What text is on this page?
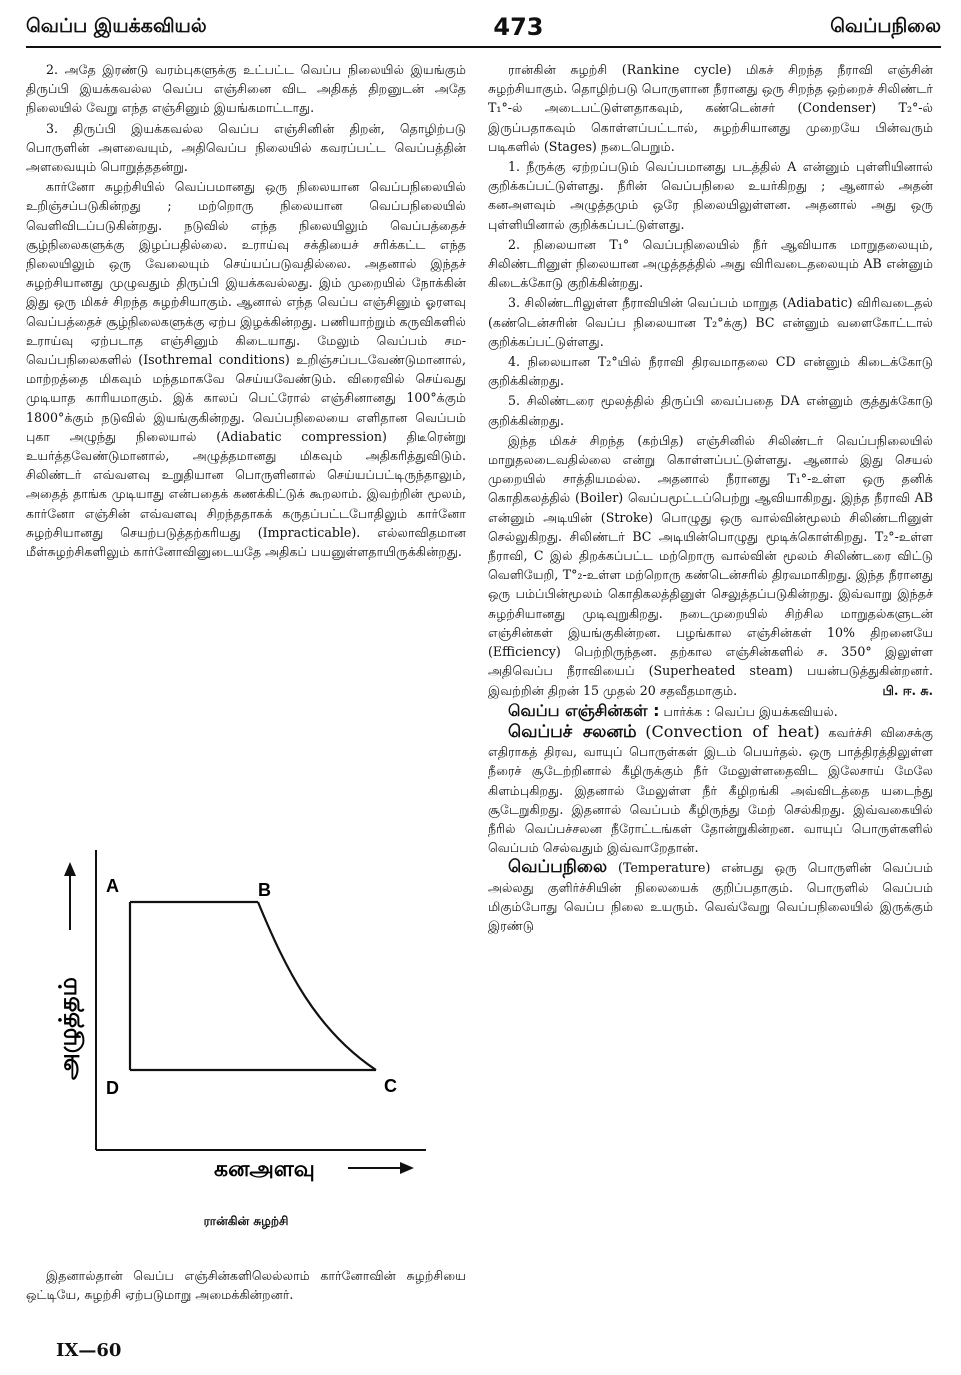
வெப்ப இயக்கவியல்	473	வெப்பநிலை

2. அதே இரண்டு வரம்புகளுக்கு உட்பட்ட வெப்ப நிலையில் இயங்கும் திருப்பி இயக்கவல்ல வெப்ப எஞ்சினை விட அதிகத் திறனுடன் அதே நிலையில் வேறு எந்த எஞ்சினும் இயங்கமாட்டாது.

3. திருப்பி இயக்கவல்ல வெப்ப எஞ்சினின் திறன், தொழிற்படு பொருளின் அளவையும், அதிவெப்ப நிலையில் கவரப்பட்ட வெப்பத்தின் அளவையும் பொறுத்ததன்று.

கார்னோ சுழற்சியில் வெப்பமானது ஒரு நிலையான வெப்பநிலையில் உறிஞ்சப்படுகின்றது ; மற்றொரு நிலையான வெப்பநிலையில் வெளிவிடப்படுகின்றது. நடுவில் எந்த நிலையிலும் வெப்பத்தைச் சூழ்நிலைகளுக்கு இழப்பதில்லை. உராய்வு சக்தியைச் சரிக்கட்ட எந்த நிலையிலும் ஒரு வேலையும் செய்யப்படுவதில்லை. அதனால் இந்தச் சுழற்சியானது முழுவதும் திருப்பி இயக்கவல்லது. இம் முறையில் நோக்கின் இது ஒரு மிகச் சிறந்த சுழற்சியாகும். ஆனால் எந்த வெப்ப எஞ்சினும் ஓரளவு வெப்பத்தைச் சூழ்நிலைகளுக்கு ஏற்ப இழக்கின்றது. பணியாற்றும் கருவிகளில் உராய்வு ஏற்படாத எஞ்சினும் கிடையாது. மேலும் வெப்பம் சம-வெப்பநிலைகளில் (Isothremal conditions) உறிஞ்சப்படவேண்டுமானால், மாற்றத்தை மிகவும் மந்தமாகவே செய்யவேண்டும். விரைவில் செய்வது முடியாத காரியமாகும். இக் காலப் பெட்ரோல் எஞ்சினானது 100°க்கும் 1800°க்கும் நடுவில் இயங்குகின்றது. வெப்பநிலையை எளிதான வெப்பம் புகா அழுந்து நிலையால் (Adiabatic compression) திடீரென்று உயர்த்தவேண்டுமானால், அழுத்தமானது மிகவும் அதிகரித்துவிடும். சிலிண்டர் எவ்வளவு உறுதியான பொருளினால் செய்யப்பட்டிருந்தாலும், அதைத் தாங்க முடியாது என்பதைக் கணக்கிட்டுக் கூறலாம். இவற்றின் மூலம், கார்னோ எஞ்சின் எவ்வளவு சிறந்ததாகக் கருதப்பட்டபோதிலும் கார்னோ சுழற்சியானது செயற்படுத்தற்கரியது (Impracticable). எல்லாவிதமான மீள்சுழற்சிகளிலும் கார்னோவினுடையதே அதிகப் பயனுள்ளதாயிருக்கின்றது.

A	B
C
D
அழுத்தம்
கனஅளவு
ரான்கின் சுழற்சி

இதனால்தான் வெப்ப எஞ்சின்களிலெல்லாம் கார்னோவின் சுழற்சியை ஒட்டியே, சுழற்சி ஏற்படுமாறு அமைக்கின்றனர்.

IX—60

ரான்கின் சுழற்சி (Rankine cycle) மிகச் சிறந்த நீராவி எஞ்சின் சுழற்சியாகும். தொழிற்படு பொருளான நீரானது ஒரு சிறந்த ஒற்றைச் சிலிண்டர் T₁°-ல் அடைபட்டுள்ளதாகவும், கண்டென்சர் (Condenser) T₂°-ல் இருப்பதாகவும் கொள்ளப்பட்டால், சுழற்சியானது முறையே பின்வரும் படிகளில் (Stages) நடைபெறும்.

1. நீருக்கு ஏற்றப்படும் வெப்பமானது படத்தில் A என்னும் புள்ளியினால் குறிக்கப்பட்டுள்ளது. நீரின் வெப்பநிலை உயர்கிறது ; ஆனால் அதன் கனஅளவும் அழுத்தமும் ஒரே நிலையிலுள்ளன. அதனால் அது ஒரு புள்ளியினால் குறிக்கப்பட்டுள்ளது.

2. நிலையான T₁° வெப்பநிலையில் நீர் ஆவியாக மாறுதலையும், சிலிண்டரினுள் நிலையான அழுத்தத்தில் அது விரிவடைதலையும் AB என்னும் கிடைக்கோடு குறிக்கின்றது.

3. சிலிண்டரிலுள்ள நீராவியின் வெப்பம் மாறுத (Adiabatic) விரிவடைதல் (கண்டென்சரின் வெப்ப நிலையான T₂°க்கு) BC என்னும் வளைகோட்டால் குறிக்கப்பட்டுள்ளது.

4. நிலையான T₂°யில் நீராவி திரவமாதலை CD என்னும் கிடைக்கோடு குறிக்கின்றது.

5. சிலிண்டரை மூலத்தில் திருப்பி வைப்பதை DA என்னும் குத்துக்கோடு குறிக்கின்றது.

இந்த மிகச் சிறந்த (கற்பித) எஞ்சினில் சிலிண்டர் வெப்பநிலையில் மாறுதலடைவதில்லை என்று கொள்ளப்பட்டுள்ளது. ஆனால் இது செயல் முறையில் சாத்தியமல்ல. அதனால் நீரானது T₁°-உள்ள ஒரு தனிக் கொதிகலத்தில் (Boiler) வெப்பமூட்டப்பெற்று ஆவியாகிறது. இந்த நீராவி AB என்னும் அடியின் (Stroke) பொழுது ஒரு வால்வின்மூலம் சிலிண்டரினுள் செல்லுகிறது. சிலிண்டர் BC அடியின்பொழுது மூடிக்கொள்கிறது. T₂°-உள்ள நீராவி, C இல் திறக்கப்பட்ட மற்றொரு வால்வின் மூலம் சிலிண்டரை விட்டு வெளியேறி, T°₂-உள்ள மற்றொரு கண்டென்சரில் திரவமாகிறது. இந்த நீரானது ஒரு பம்ப்பின்மூலம் கொதிகலத்தினுள் செலுத்தப்படுகின்றது. இவ்வாறு இந்தச் சுழற்சியானது முடிவுறுகிறது. நடைமுறையில் சிற்சில மாறுதல்களுடன் எஞ்சின்கள் இயங்குகின்றன. பழங்கால எஞ்சின்கள் 10% திறனையே (Efficiency) பெற்றிருந்தன. தற்கால எஞ்சின்களில் ச. 350° இலுள்ள அதிவெப்ப நீராவியைப் (Superheated steam) பயன்படுத்துகின்றனர். இவற்றின் திறன் 15 முதல் 20 சதவீதமாகும்.	பி. ஈ. சு.

வெப்ப எஞ்சின்கள் : பார்க்க : வெப்ப இயக்கவியல்.

வெப்பச் சலனம் (Convection of heat) கவர்ச்சி விசைக்கு எதிராகத் திரவ, வாயுப் பொருள்கள் இடம் பெயர்தல். ஒரு பாத்திரத்திலுள்ள நீரைச் சூடேற்றினால் கீழிருக்கும் நீர் மேலுள்ளதைவிட இலேசாய் மேலே கிளம்புகிறது. இதனால் மேலுள்ள நீர் கீழிறங்கி அவ்விடத்தை யடைந்து சூடேறுகிறது. இதனால் வெப்பம் கீழிருந்து மேற் செல்கிறது. இவ்வகையில் நீரில் வெப்பச்சலன நீரோட்டங்கள் தோன்றுகின்றன. வாயுப் பொருள்களில் வெப்பம் செல்வதும் இவ்வாறேதான்.

வெப்பநிலை (Temperature) என்பது ஒரு பொருளின் வெப்பம் அல்லது குளிர்ச்சியின் நிலையைக் குறிப்பதாகும். பொருளில் வெப்பம் மிகும்போது வெப்ப நிலை உயரும். வெவ்வேறு வெப்பநிலையில் இருக்கும் இரண்டு
